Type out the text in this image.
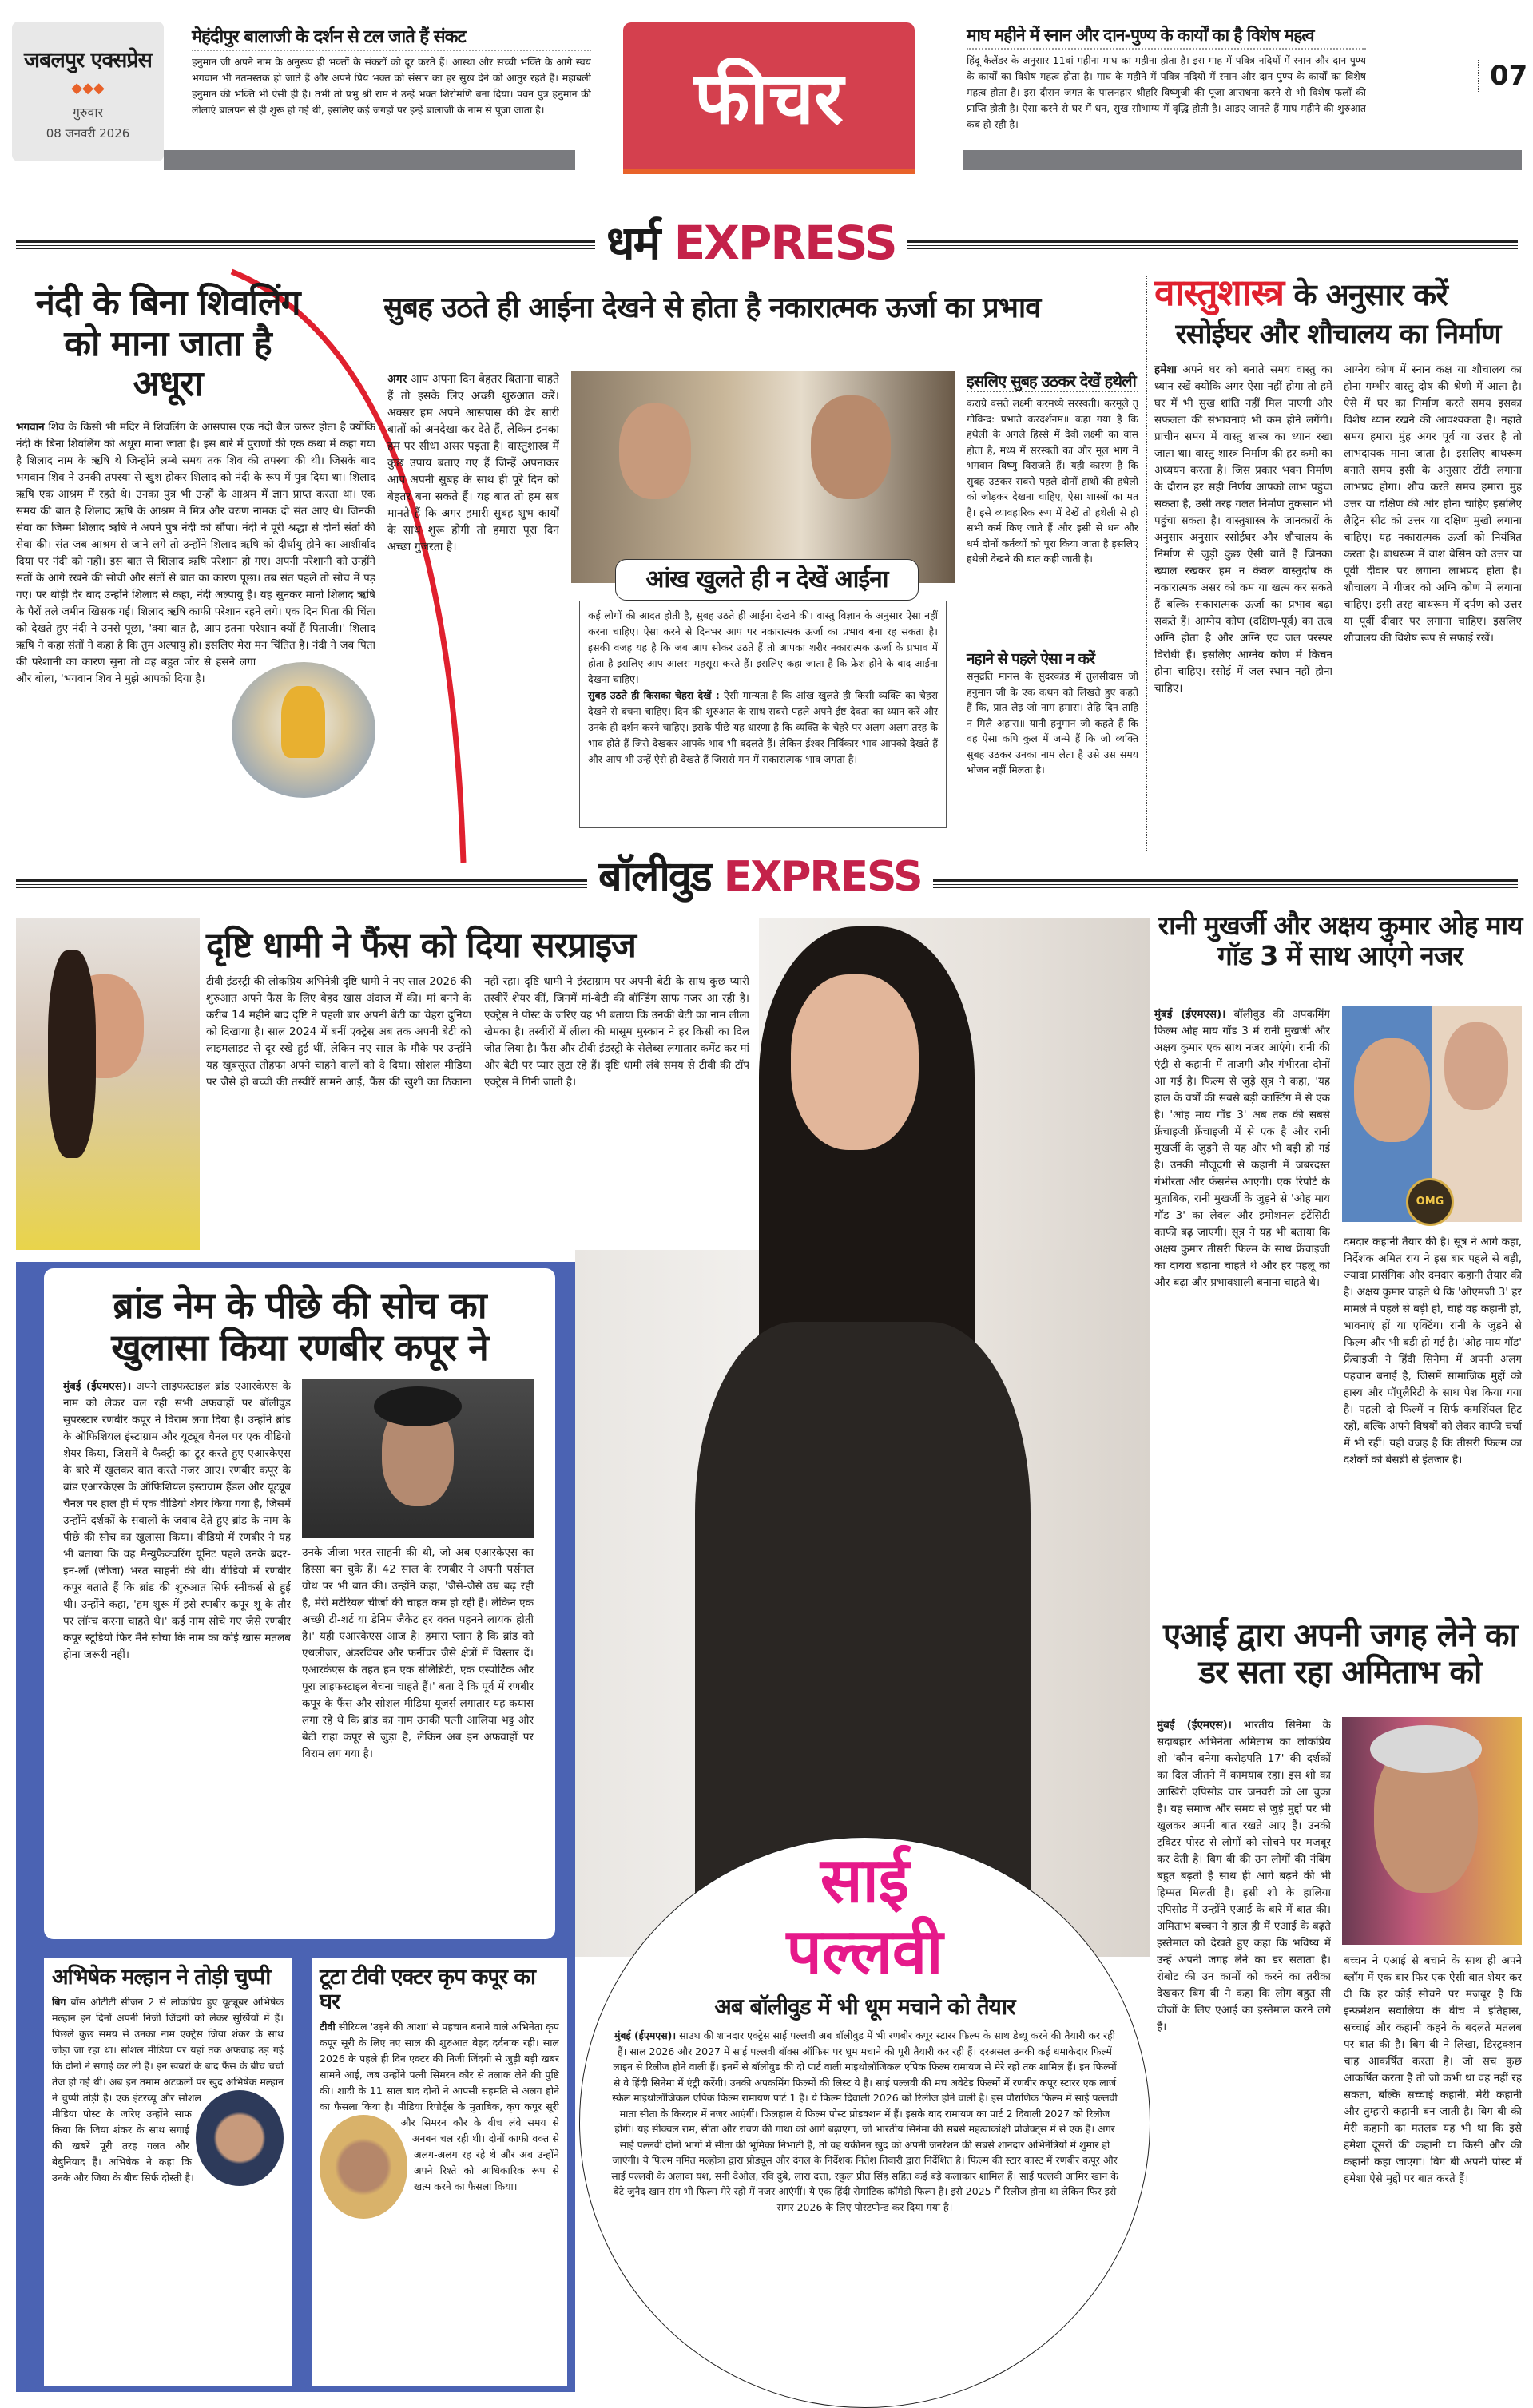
जबलपुर एक्सप्रेस
◆◆◆
गुरुवार
08 जनवरी 2026
मेहंदीपुर बालाजी के दर्शन से टल जाते हैं संकट
हनुमान जी अपने नाम के अनुरूप ही भक्तों के संकटों को दूर करते हैं। आस्था और सच्ची भक्ति के आगे स्वयं भगवान भी नतमस्तक हो जाते हैं और अपने प्रिय भक्त को संसार का हर सुख देने को आतुर रहते हैं। महाबली हनुमान की भक्ति भी ऐसी ही है। तभी तो प्रभु श्री राम ने उन्हें भक्त शिरोमणि बना दिया। पवन पुत्र हनुमान की लीलाएं बालपन से ही शुरू हो गई थी, इसलिए कई जगहों पर इन्हें बालाजी के नाम से पूजा जाता है।	फीचर
माघ महीने में स्नान और दान-पुण्य के कार्यों का है विशेष महत्व
हिंदू कैलेंडर के अनुसार 11वां महीना माघ का महीना होता है। इस माह में पवित्र नदियों में स्नान और दान-पुण्य के कार्यों का विशेष महत्व होता है। माघ के महीने में पवित्र नदियों में स्नान और दान-पुण्य के कार्यों का विशेष महत्व होता है। इस दौरान जगत के पालनहार श्रीहरि विष्णुजी की पूजा-आराधना करने से भी विशेष फलों की प्राप्ति होती है। ऐसा करने से घर में धन, सुख-सौभाग्य में वृद्धि होती है। आइए जानते हैं माघ महीने की शुरुआत कब हो रही है।
07
धर्म EXPRESS
नंदी के बिना शिवलिंग को माना जाता है अधूरा
भगवान शिव के किसी भी मंदिर में शिवलिंग के आसपास एक नंदी बैल जरूर होता है क्योंकि नंदी के बिना शिवलिंग को अधूरा माना जाता है। इस बारे में पुराणों की एक कथा में कहा गया है शिलाद नाम के ऋषि थे जिन्होंने लम्बे समय तक शिव की तपस्या की थी। जिसके बाद भगवान शिव ने उनकी तपस्या से खुश होकर शिलाद को नंदी के रूप में पुत्र दिया था। शिलाद ऋषि एक आश्रम में रहते थे। उनका पुत्र भी उन्हीं के आश्रम में ज्ञान प्राप्त करता था। एक समय की बात है शिलाद ऋषि के आश्रम में मित्र और वरुण नामक दो संत आए थे। जिनकी सेवा का जिम्मा शिलाद ऋषि ने अपने पुत्र नंदी को सौंपा। नंदी ने पूरी श्रद्धा से दोनों संतों की सेवा की। संत जब आश्रम से जाने लगे तो उन्होंने शिलाद ऋषि को दीर्घायु होने का आशीर्वाद दिया पर नंदी को नहीं। इस बात से शिलाद ऋषि परेशान हो गए। अपनी परेशानी को उन्होंने संतों के आगे रखने की सोची और संतों से बात का कारण पूछा। तब संत पहले तो सोच में पड़ गए। पर थोड़ी देर बाद उन्होंने शिलाद से कहा, नंदी अल्पायु है। यह सुनकर मानो शिलाद ऋषि के पैरों तले जमीन खिसक गई। शिलाद ऋषि काफी परेशान रहने लगे। एक दिन पिता की चिंता को देखते हुए नंदी ने उनसे पूछा, 'क्या बात है, आप इतना परेशान क्यों हैं पिताजी।' शिलाद ऋषि ने कहा संतों ने कहा है कि तुम अल्पायु हो। इसलिए मेरा मन चिंतित है। नंदी ने जब पिता की परेशानी का कारण सुना तो वह बहुत जोर से हंसने लगा और बोला, 'भगवान शिव ने मुझे आपको दिया है।
सुबह उठते ही आईना देखने से होता है नकारात्मक ऊर्जा का प्रभाव
अगर आप अपना दिन बेहतर बिताना चाहते हैं तो इसके लिए अच्छी शुरुआत करें। अक्सर हम अपने आसपास की ढेर सारी बातों को अनदेखा कर देते हैं, लेकिन इनका हम पर सीधा असर पड़ता है। वास्तुशास्त्र में कुछ उपाय बताए गए हैं जिन्हें अपनाकर आप अपनी सुबह के साथ ही पूरे दिन को बेहतर बना सकते हैं। यह बात तो हम सब मानते हैं कि अगर हमारी सुबह शुभ कार्यों के साथ शुरू होगी तो हमारा पूरा दिन अच्छा गुजरता है।
आंख खुलते ही न देखें आईना
कई लोगों की आदत होती है, सुबह उठते ही आईना देखने की। वास्तु विज्ञान के अनुसार ऐसा नहीं करना चाहिए। ऐसा करने से दिनभर आप पर नकारात्मक ऊर्जा का प्रभाव बना रह सकता है। इसकी वजह यह है कि जब आप सोकर उठते हैं तो आपका शरीर नकारात्मक ऊर्जा के प्रभाव में होता है इसलिए आप आलस महसूस करते हैं। इसलिए कहा जाता है कि फ्रेश होने के बाद आईना देखना चाहिए।
सुबह उठते ही किसका चेहरा देखें : ऐसी मान्यता है कि आंख खुलते ही किसी व्यक्ति का चेहरा देखने से बचना चाहिए। दिन की शुरुआत के साथ सबसे पहले अपने ईष्ट देवता का ध्यान करें और उनके ही दर्शन करने चाहिए। इसके पीछे यह धारणा है कि व्यक्ति के चेहरे पर अलग-अलग तरह के भाव होते हैं जिसे देखकर आपके भाव भी बदलते हैं। लेकिन ईश्वर निर्विकार भाव आपको देखते हैं और आप भी उन्हें ऐसे ही देखते हैं जिससे मन में सकारात्मक भाव जगता है।
इसलिए सुबह उठकर देखें हथेली
कराग्रे वसते लक्ष्मी करमध्ये सरस्वती। करमूले तू गोविन्द: प्रभाते करदर्शनम॥ कहा गया है कि हथेली के अगले हिस्से में देवी लक्ष्मी का वास होता है, मध्य में सरस्वती का और मूल भाग में भगवान विष्णु विराजते हैं। यही कारण है कि सुबह उठकर सबसे पहले दोनों हाथों की हथेली को जोड़कर देखना चाहिए, ऐसा शास्त्रों का मत है। इसे व्यावहारिक रूप में देखें तो हथेली से ही सभी कर्म किए जाते हैं और इसी से धन और धर्म दोनों कर्तव्यों को पूरा किया जाता है इसलिए हथेली देखने की बात कही जाती है।
नहाने से पहले ऐसा न करें
समुद्रति मानस के सुंदरकांड में तुलसीदास जी हनुमान जी के एक कथन को लिखते हुए कहते हैं कि, प्रात लेइ जो नाम हमारा। तेहि दिन ताहि न मिलै अहारा॥ यानी हनुमान जी कहते हैं कि वह ऐसा कपि कुल में जन्मे हैं कि जो व्यक्ति सुबह उठकर उनका नाम लेता है उसे उस समय भोजन नहीं मिलता है।
वास्तुशास्त्र के अनुसार करें
रसोईघर और शौचालय का निर्माण
हमेशा अपने घर को बनाते समय वास्तु का ध्यान रखें क्योंकि अगर ऐसा नहीं होगा तो हमें घर में भी सुख शांति नहीं मिल पाएगी और सफलता की संभावनाएं भी कम होने लगेंगी। प्राचीन समय में वास्तु शास्त्र का ध्यान रखा जाता था। वास्तु शास्त्र निर्माण की हर कमी का अध्ययन करता है। जिस प्रकार भवन निर्माण के दौरान हर सही निर्णय आपको लाभ पहुंचा सकता है, उसी तरह गलत निर्माण नुकसान भी पहुंचा सकता है। वास्तुशास्त्र के जानकारों के अनुसार अनुसार रसोईघर और शौचालय के निर्माण से जुड़ी कुछ ऐसी बातें हैं जिनका ख्याल रखकर हम न केवल वास्तुदोष के नकारात्मक असर को कम या खत्म कर सकते हैं बल्कि सकारात्मक ऊर्जा का प्रभाव बढ़ा सकते हैं। आग्नेय कोण (दक्षिण-पूर्व) का तत्व अग्नि होता है और अग्नि एवं जल परस्पर विरोधी हैं। इसलिए आग्नेय कोण में किचन होना चाहिए। रसोई में जल स्थान नहीं होना चाहिए।
आग्नेय कोण में स्नान कक्ष या शौचालय का होना गम्भीर वास्तु दोष की श्रेणी में आता है। ऐसे में घर का निर्माण करते समय इसका विशेष ध्यान रखने की आवश्यकता है। नहाते समय हमारा मुंह अगर पूर्व या उत्तर है तो लाभदायक माना जाता है। इसलिए बाथरूम बनाते समय इसी के अनुसार टोंटी लगाना लाभप्रद होगा। शौच करते समय हमारा मुंह उत्तर या दक्षिण की ओर होना चाहिए इसलिए लैट्रिन सीट को उत्तर या दक्षिण मुखी लगाना चाहिए। यह नकारात्मक ऊर्जा को नियंत्रित करता है। बाथरूम में वाश बेसिन को उत्तर या पूर्वी दीवार पर लगाना लाभप्रद होता है। शौचालय में गीजर को अग्नि कोण में लगाना चाहिए। इसी तरह बाथरूम में दर्पण को उत्तर या पूर्वी दीवार पर लगाना चाहिए। इसलिए शौचालय की विशेष रूप से सफाई रखें।
बॉलीवुड EXPRESS
दृष्टि धामी ने फैंस को दिया सरप्राइज
टीवी इंडस्ट्री की लोकप्रिय अभिनेत्री दृष्टि धामी ने नए साल 2026 की शुरुआत अपने फैंस के लिए बेहद खास अंदाज में की। मां बनने के करीब 14 महीने बाद दृष्टि ने पहली बार अपनी बेटी का चेहरा दुनिया को दिखाया है। साल 2024 में बनीं एक्ट्रेस अब तक अपनी बेटी को लाइमलाइट से दूर रखे हुई थीं, लेकिन नए साल के मौके पर उन्होंने यह खूबसूरत तोहफा अपने चाहने वालों को दे दिया। सोशल मीडिया पर जैसे ही बच्ची की तस्वीरें सामने आईं, फैंस की खुशी का ठिकाना नहीं रहा। दृष्टि धामी ने इंस्टाग्राम पर अपनी बेटी के साथ कुछ प्यारी तस्वीरें शेयर कीं, जिनमें मां-बेटी की बॉन्डिंग साफ नजर आ रही है। एक्ट्रेस ने पोस्ट के जरिए यह भी बताया कि उनकी बेटी का नाम लीला खेमका है। तस्वीरों में लीला की मासूम मुस्कान ने हर किसी का दिल जीत लिया है। फैंस और टीवी इंडस्ट्री के सेलेब्स लगातार कमेंट कर मां और बेटी पर प्यार लुटा रहे हैं। दृष्टि धामी लंबे समय से टीवी की टॉप एक्ट्रेस में गिनी जाती है।
रानी मुखर्जी और अक्षय कुमार ओह माय गॉड 3 में साथ आएंगे नजर
मुंबई (ईएमएस)। बॉलीवुड की अपकमिंग फिल्म ओह माय गॉड 3 में रानी मुखर्जी और अक्षय कुमार एक साथ नजर आएंगे। रानी की एंट्री से कहानी में ताजगी और गंभीरता दोनों आ गई है। फिल्म से जुड़े सूत्र ने कहा, 'यह हाल के वर्षों की सबसे बड़ी कास्टिंग में से एक है। 'ओह माय गॉड 3' अब तक की सबसे फ्रेंचाइजी फ्रेंचाइजी में से एक है और रानी मुखर्जी के जुड़ने से यह और भी बड़ी हो गई है। उनकी मौजूदगी से कहानी में जबरदस्त गंभीरता और फेंसनेस आएगी। एक रिपोर्ट के मुताबिक, रानी मुखर्जी के जुड़ने से 'ओह माय गॉड 3' का लेवल और इमोशनल इंटेंसिटी काफी बढ़ जाएगी। सूत्र ने यह भी बताया कि अक्षय कुमार तीसरी फिल्म के साथ फ्रेंचाइजी का दायरा बढ़ाना चाहते थे और हर पहलू को और बढ़ा और प्रभावशाली बनाना चाहते थे।
OMG
दमदार कहानी तैयार की है। सूत्र ने आगे कहा, निर्देशक अमित राय ने इस बार पहले से बड़ी, ज्यादा प्रासंगिक और दमदार कहानी तैयार की है। अक्षय कुमार चाहते थे कि 'ओएमजी 3' हर मामले में पहले से बड़ी हो, चाहे वह कहानी हो, भावनाएं हों या एक्टिंग। रानी के जुड़ने से फिल्म और भी बड़ी हो गई है। 'ओह माय गॉड' फ्रेंचाइजी ने हिंदी सिनेमा में अपनी अलग पहचान बनाई है, जिसमें सामाजिक मुद्दों को हास्य और पॉपुलैरिटी के साथ पेश किया गया है। पहली दो फिल्में न सिर्फ कमर्शियल हिट रहीं, बल्कि अपने विषयों को लेकर काफी चर्चा में भी रहीं। यही वजह है कि तीसरी फिल्म का दर्शकों को बेसब्री से इंतजार है।
ब्रांड नेम के पीछे की सोच का खुलासा किया रणबीर कपूर ने
मुंबई (ईएमएस)। अपने लाइफस्टाइल ब्रांड एआरकेएस के नाम को लेकर चल रही सभी अफवाहों पर बॉलीवुड सुपरस्टार रणबीर कपूर ने विराम लगा दिया है। उन्होंने ब्रांड के ऑफिशियल इंस्टाग्राम और यूट्यूब चैनल पर एक वीडियो शेयर किया, जिसमें वे फैक्ट्री का टूर करते हुए एआरकेएस के बारे में खुलकर बात करते नजर आए। रणबीर कपूर के ब्रांड एआरकेएस के ऑफिशियल इंस्टाग्राम हैंडल और यूट्यूब चैनल पर हाल ही में एक वीडियो शेयर किया गया है, जिसमें उन्होंने दर्शकों के सवालों के जवाब देते हुए ब्रांड के नाम के पीछे की सोच का खुलासा किया। वीडियो में रणबीर ने यह भी बताया कि वह मैन्युफैक्चरिंग यूनिट पहले उनके ब्रदर-इन-लॉ (जीजा) भरत साहनी की थी। वीडियो में रणबीर कपूर बताते हैं कि ब्रांड की शुरुआत सिर्फ स्नीकर्स से हुई थी। उन्होंने कहा, 'हम शुरू में इसे रणबीर कपूर शू के तौर पर लॉन्च करना चाहते थे।' कई नाम सोचे गए जैसे रणबीर कपूर स्टूडियो फिर मैंने सोचा कि नाम का कोई खास मतलब होना जरूरी नहीं।
उनके जीजा भरत साहनी की थी, जो अब एआरकेएस का हिस्सा बन चुके हैं। 42 साल के रणबीर ने अपनी पर्सनल ग्रोथ पर भी बात की। उन्होंने कहा, 'जैसे-जैसे उम्र बढ़ रही है, मेरी मटेरियल चीजों की चाहत कम हो रही है। लेकिन एक अच्छी टी-शर्ट या डेनिम जैकेट हर वक्त पहनने लायक होती है।' यही एआरकेएस आज है। हमारा प्लान है कि ब्रांड को एथलीजर, अंडरवियर और फर्नीचर जैसे क्षेत्रों में विस्तार दें। एआरकेएस के तहत हम एक सेलिब्रिटी, एक एस्पोर्टिक और पूरा लाइफस्टाइल बेचना चाहते हैं।' बता दें कि पूर्व में रणबीर कपूर के फैंस और सोशल मीडिया यूजर्स लगातार यह कयास लगा रहे थे कि ब्रांड का नाम उनकी पत्नी आलिया भट्ट और बेटी राहा कपूर से जुड़ा है, लेकिन अब इन अफवाहों पर विराम लग गया है।
अभिषेक मल्हान ने तोड़ी चुप्पी
बिग बॉस ओटीटी सीजन 2 से लोकप्रिय हुए यूट्यूबर अभिषेक मल्हान इन दिनों अपनी निजी जिंदगी को लेकर सुर्खियों में हैं। पिछले कुछ समय से उनका नाम एक्ट्रेस जिया शंकर के साथ जोड़ा जा रहा था। सोशल मीडिया पर यहां तक अफवाह उड़ गई कि दोनों ने सगाई कर ली है। इन खबरों के बाद फैंस के बीच चर्चा तेज हो गई थी। अब इन तमाम अटकलों पर खुद अभिषेक मल्हान ने चुप्पी तोड़ी है। एक इंटरव्यू और सोशल मीडिया पोस्ट के जरिए उन्होंने साफ किया कि जिया शंकर के साथ सगाई की खबरें पूरी तरह गलत और बेबुनियाद हैं। अभिषेक ने कहा कि उनके और जिया के बीच सिर्फ दोस्ती है।
टूटा टीवी एक्टर कृप कपूर का घर
टीवी सीरियल 'उड़ने की आशा' से पहचान बनाने वाले अभिनेता कृप कपूर सूरी के लिए नए साल की शुरुआत बेहद दर्दनाक रही। साल 2026 के पहले ही दिन एक्टर की निजी जिंदगी से जुड़ी बड़ी खबर सामने आई, जब उन्होंने पत्नी सिमरन कौर से तलाक लेने की पुष्टि की। शादी के 11 साल बाद दोनों ने आपसी सहमति से अलग होने का फैसला किया है। मीडिया रिपोर्ट्स के मुताबिक, कृप कपूर सूरी और सिमरन कौर के बीच लंबे समय से अनबन चल रही थी। दोनों काफी वक्त से अलग-अलग रह रहे थे और अब उन्होंने अपने रिश्ते को आधिकारिक रूप से खत्म करने का फैसला किया।
साई
पल्लवी
अब बॉलीवुड में भी धूम मचाने को तैयार
मुंबई (ईएमएस)। साउथ की शानदार एक्ट्रेस साई पल्लवी अब बॉलीवुड में भी रणबीर कपूर स्टारर फिल्म के साथ डेब्यू करने की तैयारी कर रही हैं। साल 2026 और 2027 में साई पल्लवी बॉक्स ऑफिस पर धूम मचाने की पूरी तैयारी कर रही हैं। दरअसल उनकी कई धमाकेदार फिल्में लाइन से रिलीज होने वाली हैं। इनमें से बॉलीवुड की दो पार्ट वाली माइथोलॉजिकल एपिक फिल्म रामायण से मेरे रहों तक शामिल हैं। इन फिल्मों से वे हिंदी सिनेमा में एंट्री करेंगी। उनकी अपकमिंग फिल्मों की लिस्ट ये है। साई पल्लवी की मच अवेटेड फिल्मों में रणबीर कपूर स्टारर एक लार्ज स्केल माइथोलॉजिकल एपिक फिल्म रामायण पार्ट 1 है। ये फिल्म दिवाली 2026 को रिलीज होने वाली है। इस पौराणिक फिल्म में साई पल्लवी माता सीता के किरदार में नजर आएंगीं। फिलहाल ये फिल्म पोस्ट प्रोडक्शन में हैं। इसके बाद रामायण का पार्ट 2 दिवाली 2027 को रिलीज होगी। यह सीक्वल राम, सीता और रावण की गाथा को आगे बढ़ाएगा, जो भारतीय सिनेमा की सबसे महत्वाकांक्षी प्रोजेक्ट्स में से एक है। अगर साई पल्लवी दोनों भागों में सीता की भूमिका निभाती हैं, तो वह यकीनन खुद को अपनी जनरेशन की सबसे शानदार अभिनेत्रियों में शुमार हो जाएंगी। ये फिल्म नमित मल्होत्रा द्वारा प्रोड्यूस और दंगल के निर्देशक नितेश तिवारी द्वारा निर्देशित है। फिल्म की स्टार कास्ट में रणबीर कपूर और साई पल्लवी के अलावा यश, सनी देओल, रवि दुबे, लारा दत्ता, रकुल प्रीत सिंह सहित कई बड़े कलाकार शामिल हैं। साई पल्लवी आमिर खान के बेटे जुनैद खान संग भी फिल्म मेरे रहो में नजर आएंगीं। ये एक हिंदी रोमांटिक कॉमेडी फिल्म है। इसे 2025 में रिलीज होना था लेकिन फिर इसे समर 2026 के लिए पोस्टपोन्ड कर दिया गया है।
एआई द्वारा अपनी जगह लेने का डर सता रहा अमिताभ को
मुंबई (ईएमएस)। भारतीय सिनेमा के सदाबहार अभिनेता अमिताभ का लोकप्रिय शो 'कौन बनेगा करोड़पति 17' की दर्शकों का दिल जीतने में कामयाब रहा। इस शो का आखिरी एपिसोड चार जनवरी को आ चुका है। यह समाज और समय से जुड़े मुद्दों पर भी खुलकर अपनी बात रखते आए हैं। उनकी ट्विटर पोस्ट से लोगों को सोचने पर मजबूर कर देती है। बिग बी की उन लोगों की नंबिंग बहुत बढ़ती है साथ ही आगे बढ़ने की भी हिम्मत मिलती है। इसी शो के हालिया एपिसोड में उन्होंने एआई के बारे में बात की। अमिताभ बच्चन ने हाल ही में एआई के बढ़ते इस्तेमाल को देखते हुए कहा कि भविष्य में उन्हें अपनी जगह लेने का डर सताता है। रोबोट की उन कामों को करने का तरीका देखकर बिग बी ने कहा कि लोग बहुत सी चीजों के लिए एआई का इस्तेमाल करने लगे हैं।
बच्चन ने एआई से बचाने के साथ ही अपने ब्लॉग में एक बार फिर एक ऐसी बात शेयर कर दी कि हर कोई सोचने पर मजबूर है कि इन्फर्मेशन सवालिया के बीच में इतिहास, सच्चाई और कहानी कहने के बदलते मतलब पर बात की है। बिग बी ने लिखा, डिस्ट्रक्शन चाह आकर्षित करता है। जो सच कुछ आकर्षित करता है तो जो कभी था वह नहीं रह सकता, बल्कि सच्चाई कहानी, मेरी कहानी और तुम्हारी कहानी बन जाती है। बिग बी की मेरी कहानी का मतलब यह भी था कि इसे हमेशा दूसरों की कहानी या किसी और की कहानी कहा जाएगा। बिग बी अपनी पोस्ट में हमेशा ऐसे मुद्दों पर बात करते हैं।
